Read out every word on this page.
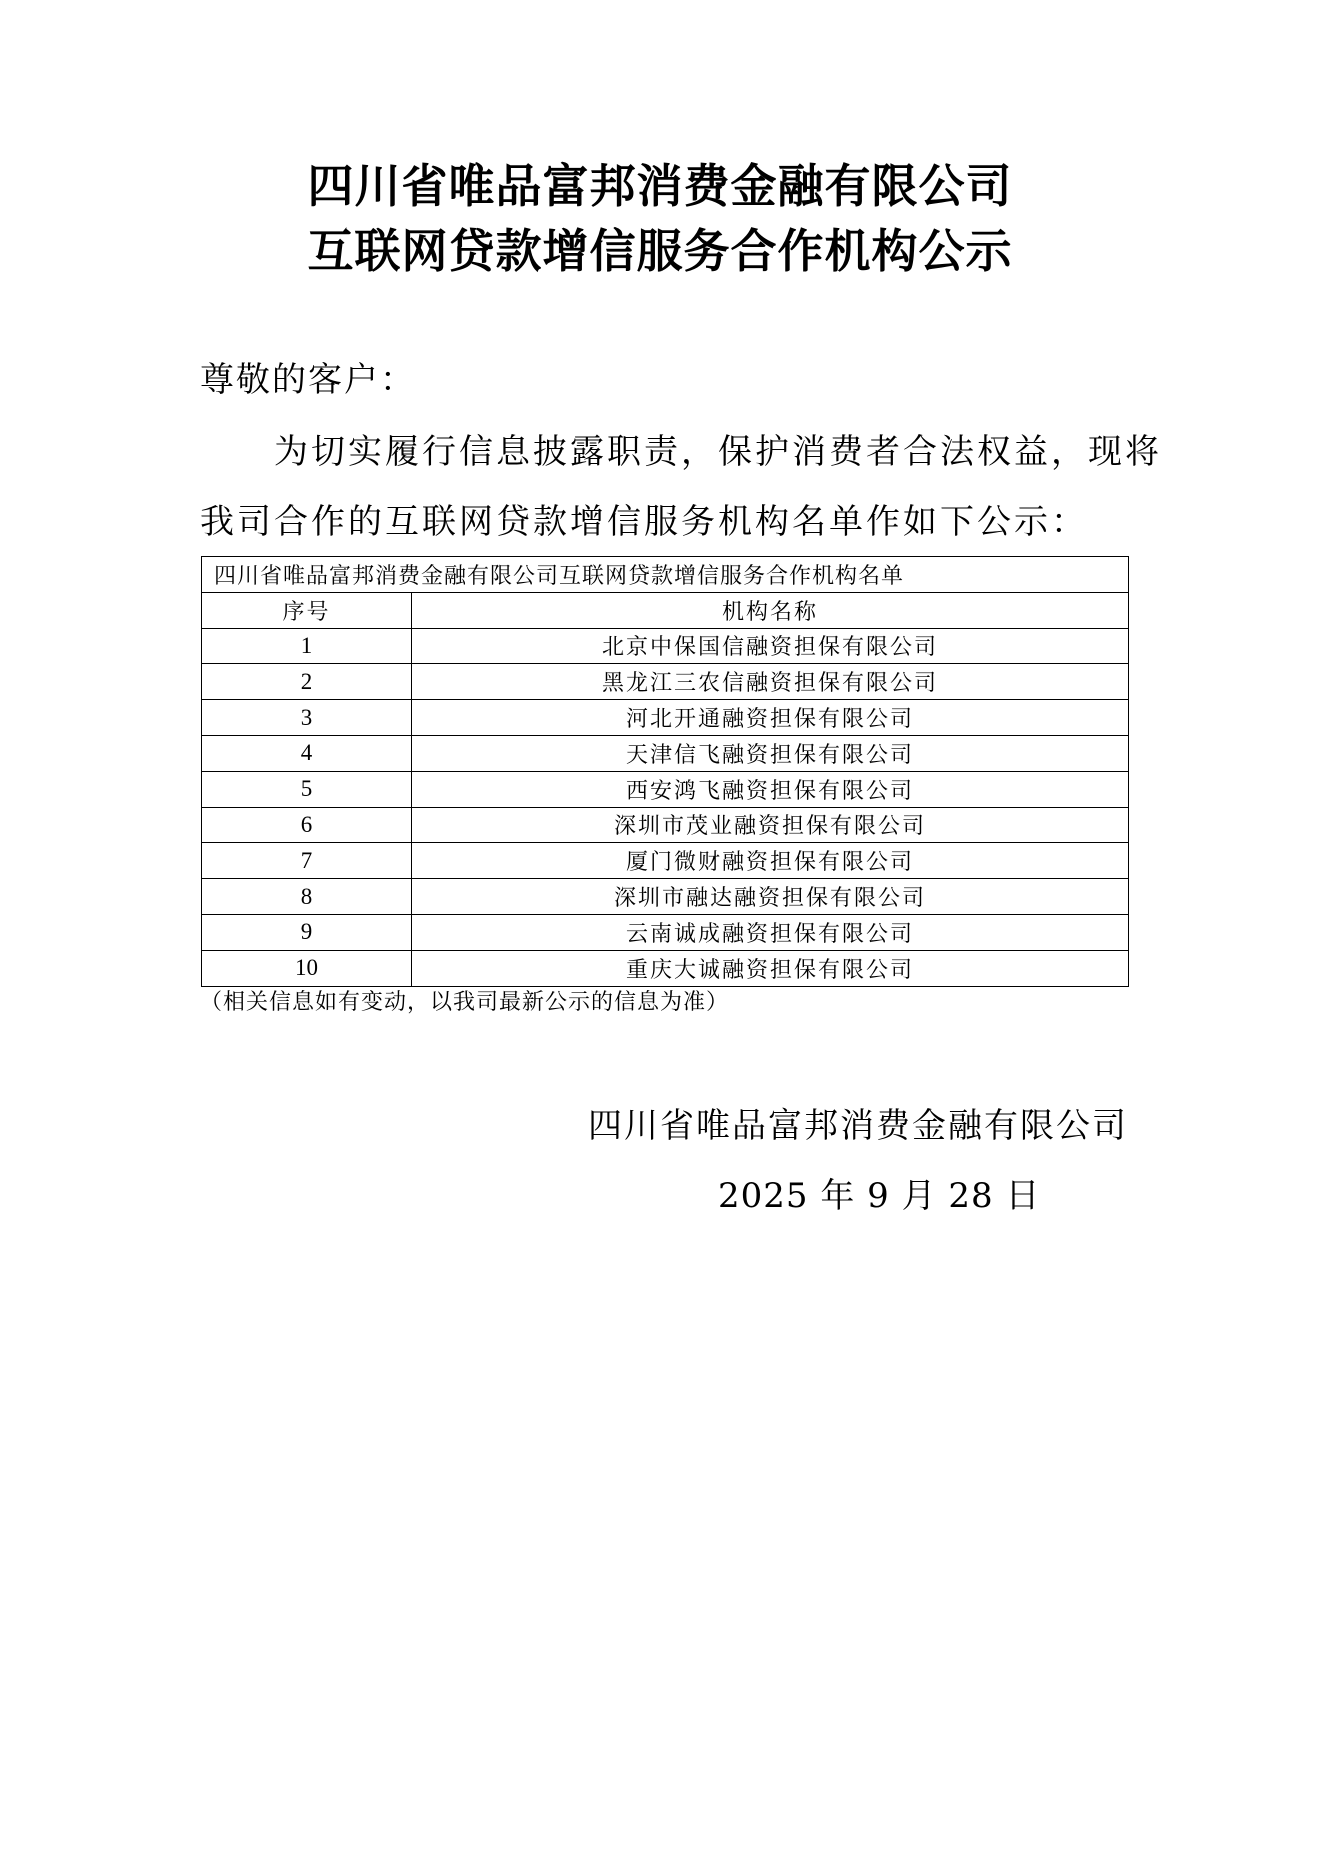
四川省唯品富邦消费金融有限公司
互联网贷款增信服务合作机构公示
尊敬的客户：
为切实履行信息披露职责，保护消费者合法权益，现将
我司合作的互联网贷款增信服务机构名单作如下公示：
四川省唯品富邦消费金融有限公司互联网贷款增信服务合作机构名单	
序号	机构名称
1	北京中保国信融资担保有限公司
2	黑龙江三农信融资担保有限公司
3	河北开通融资担保有限公司
4	天津信飞融资担保有限公司
5	西安鸿飞融资担保有限公司
6	深圳市茂业融资担保有限公司
7	厦门微财融资担保有限公司
8	深圳市融达融资担保有限公司
9	云南诚成融资担保有限公司
10	重庆大诚融资担保有限公司
（相关信息如有变动，以我司最新公示的信息为准）
四川省唯品富邦消费金融有限公司
2025 年 9 月 28 日
